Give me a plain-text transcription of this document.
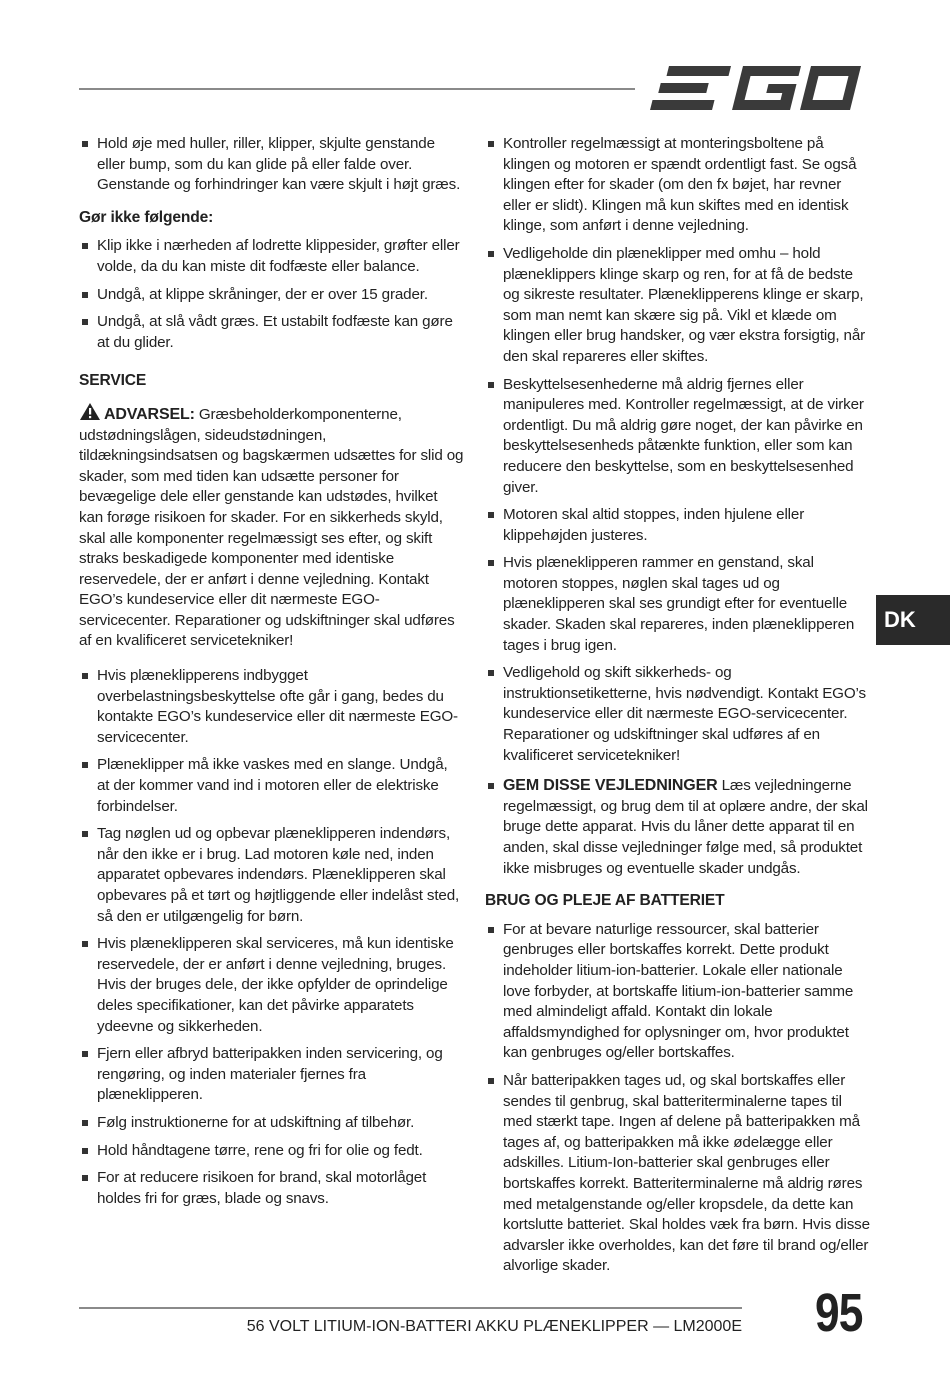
Hold øje med huller, riller, klipper, skjulte genstande eller bump, som du kan glide på eller falde over. Genstande og forhindringer kan være skjult i højt græs.
Gør ikke følgende:
Klip ikke i nærheden af lodrette klippesider, grøfter eller volde, da du kan miste dit fodfæste eller balance.
Undgå, at klippe skråninger, der er over 15 grader.
Undgå, at slå vådt græs. Et ustabilt fodfæste kan gøre at du glider.
SERVICE

ADVARSEL: Græsbeholderkomponenterne, udstødningslågen, sideudstødningen, tildækningsindsatsen og bagskærmen udsættes for slid og skader, som med tiden kan udsætte personer for bevægelige dele eller genstande kan udstødes, hvilket kan forøge risikoen for skader. For en sikkerheds skyld, skal alle komponenter regelmæssigt ses efter, og skift straks beskadigede komponenter med identiske reservedele, der er anført i denne vejledning. Kontakt EGO’s kundeservice eller dit nærmeste EGO-servicecenter. Reparationer og udskiftninger skal udføres af en kvalificeret servicetekniker!

Hvis plæneklipperens indbygget overbelastningsbeskyttelse ofte går i gang, bedes du kontakte EGO’s kundeservice eller dit nærmeste EGO-servicecenter.
Plæneklipper må ikke vaskes med en slange. Undgå, at der kommer vand ind i motoren eller de elektriske forbindelser.
Tag nøglen ud og opbevar plæneklipperen indendørs, når den ikke er i brug. Lad motoren køle ned, inden apparatet opbevares indendørs. Plæneklipperen skal opbevares på et tørt og højtliggende eller indelåst sted, så den er utilgængelig for børn.
Hvis plæneklipperen skal serviceres, må kun identiske reservedele, der er anført i denne vejledning, bruges. Hvis der bruges dele, der ikke opfylder de oprindelige deles specifikationer, kan det påvirke apparatets ydeevne og sikkerheden.
Fjern eller afbryd batteripakken inden servicering, og rengøring, og inden materialer fjernes fra plæneklipperen.
Følg instruktionerne for at udskiftning af tilbehør.
Hold håndtagene tørre, rene og fri for olie og fedt.
For at reducere risikoen for brand, skal motorlåget holdes fri for græs, blade og snavs.
Kontroller regelmæssigt at monteringsboltene på klingen og motoren er spændt ordentligt fast. Se også klingen efter for skader (om den fx bøjet, har revner eller er slidt). Klingen må kun skiftes med en identisk klinge, som anført i denne vejledning.
Vedligeholde din plæneklipper med omhu – hold plæneklippers klinge skarp og ren, for at få de bedste og sikreste resultater. Plæneklipperens klinge er skarp, som man nemt kan skære sig på. Vikl et klæde om klingen eller brug handsker, og vær ekstra forsigtig, når den skal repareres eller skiftes.
Beskyttelsesenhederne må aldrig fjernes eller manipuleres med. Kontroller regelmæssigt, at de virker ordentligt. Du må aldrig gøre noget, der kan påvirke en beskyttelsesenheds påtænkte funktion, eller som kan reducere den beskyttelse, som en beskyttelsesenhed giver.
Motoren skal altid stoppes, inden hjulene eller klippehøjden justeres.
Hvis plæneklipperen rammer en genstand, skal motoren stoppes, nøglen skal tages ud og plæneklipperen skal ses grundigt efter for eventuelle skader. Skaden skal repareres, inden plæneklipperen tages i brug igen.
Vedligehold og skift sikkerheds- og instruktionsetiketterne, hvis nødvendigt. Kontakt EGO’s kundeservice eller dit nærmeste EGO-servicecenter. Reparationer og udskiftninger skal udføres af en kvalificeret servicetekniker!
GEM DISSE VEJLEDNINGER Læs vejledningerne regelmæssigt, og brug dem til at oplære andre, der skal bruge dette apparat. Hvis du låner dette apparat til en anden, skal disse vejledninger følge med, så produktet ikke misbruges og eventuelle skader undgås.
BRUG OG PLEJE AF BATTERIET
For at bevare naturlige ressourcer, skal batterier genbruges eller bortskaffes korrekt. Dette produkt indeholder litium-ion-batterier. Lokale eller nationale love forbyder, at bortskaffe litium-ion-batterier samme med almindeligt affald. Kontakt din lokale affaldsmyndighed for oplysninger om, hvor produktet kan genbruges og/eller bortskaffes.
Når batteripakken tages ud, og skal bortskaffes eller sendes til genbrug, skal batteriterminalerne tapes til med stærkt tape. Ingen af delene på batteripakken må tages af, og batteripakken må ikke ødelægge eller adskilles. Litium-Ion-batterier skal genbruges eller bortskaffes korrekt. Batteriterminalerne må aldrig røres med metalgenstande og/eller kropsdele, da dette kan kortslutte batteriet. Skal holdes væk fra børn. Hvis disse advarsler ikke overholdes, kan det føre til brand og/eller alvorlige skader.
DK
56 VOLT LITIUM-ION-BATTERI AKKU PLÆNEKLIPPER — LM2000E 95
